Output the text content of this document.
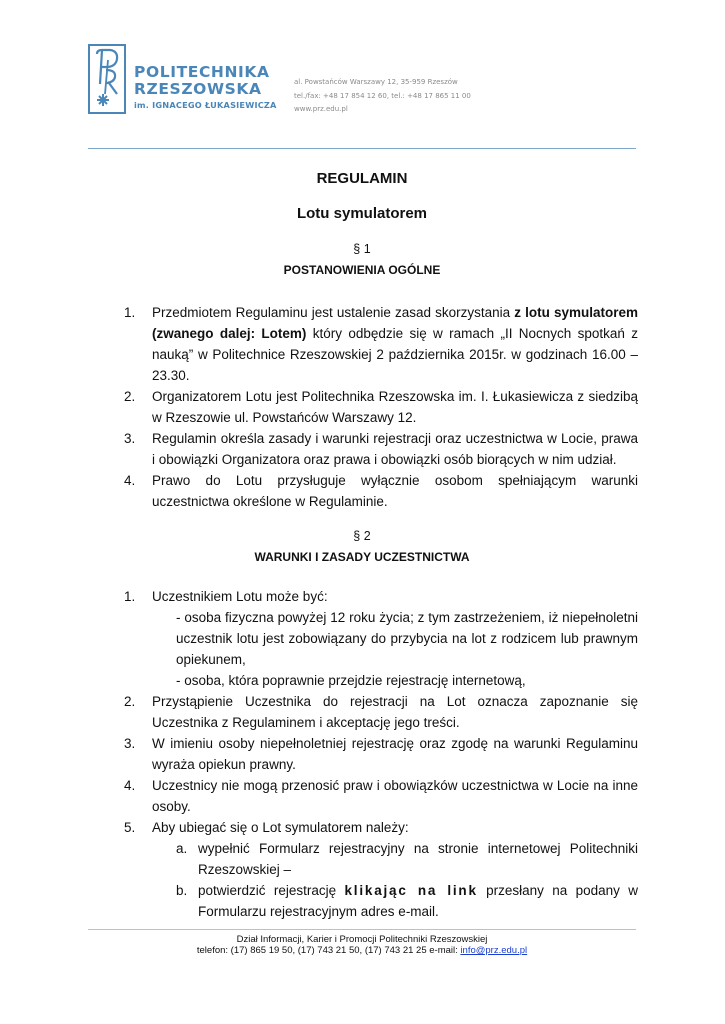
POLITECHNIKA
RZESZOWSKA
im. IGNACEGO ŁUKASIEWICZA
al. Powstańców Warszawy 12, 35-959 Rzeszów
tel./fax: +48 17 854 12 60, tel.: +48 17 865 11 00
www.prz.edu.pl
REGULAMIN
Lotu symulatorem
§ 1
POSTANOWIENIA OGÓLNE
1. Przedmiotem Regulaminu jest ustalenie zasad skorzystania z lotu symulatorem (zwanego dalej: Lotem) który odbędzie się w ramach „II Nocnych spotkań z nauką” w Politechnice Rzeszowskiej 2 października 2015r. w godzinach 16.00 – 23.30.
2. Organizatorem Lotu jest Politechnika Rzeszowska im. I. Łukasiewicza z siedzibą w Rzeszowie ul. Powstańców Warszawy 12.
3. Regulamin określa zasady i warunki rejestracji oraz uczestnictwa w Locie, prawa i obowiązki Organizatora oraz prawa i obowiązki osób biorących w nim udział.
4. Prawo do Lotu przysługuje wyłącznie osobom spełniającym warunki uczestnictwa określone w Regulaminie.
§ 2
WARUNKI I ZASADY UCZESTNICTWA
1. Uczestnikiem Lotu może być:
- osoba fizyczna powyżej 12 roku życia; z tym zastrzeżeniem, iż niepełnoletni uczestnik lotu jest zobowiązany do przybycia na lot z rodzicem lub prawnym opiekunem,
- osoba, która poprawnie przejdzie rejestrację internetową,
2. Przystąpienie Uczestnika do rejestracji na Lot oznacza zapoznanie się Uczestnika z Regulaminem i akceptację jego treści.
3. W imieniu osoby niepełnoletniej rejestrację oraz zgodę na warunki Regulaminu wyraża opiekun prawny.
4. Uczestnicy nie mogą przenosić praw i obowiązków uczestnictwa w Locie na inne osoby.
5. Aby ubiegać się o Lot symulatorem należy:
a. wypełnić Formularz rejestracyjny na stronie internetowej Politechniki Rzeszowskiej –
b. potwierdzić rejestrację klikając na link przesłany na podany w Formularzu rejestracyjnym adres e-mail.
Dział Informacji, Karier i Promocji Politechniki Rzeszowskiej
telefon: (17) 865 19 50, (17) 743 21 50, (17) 743 21 25 e-mail: info@prz.edu.pl
